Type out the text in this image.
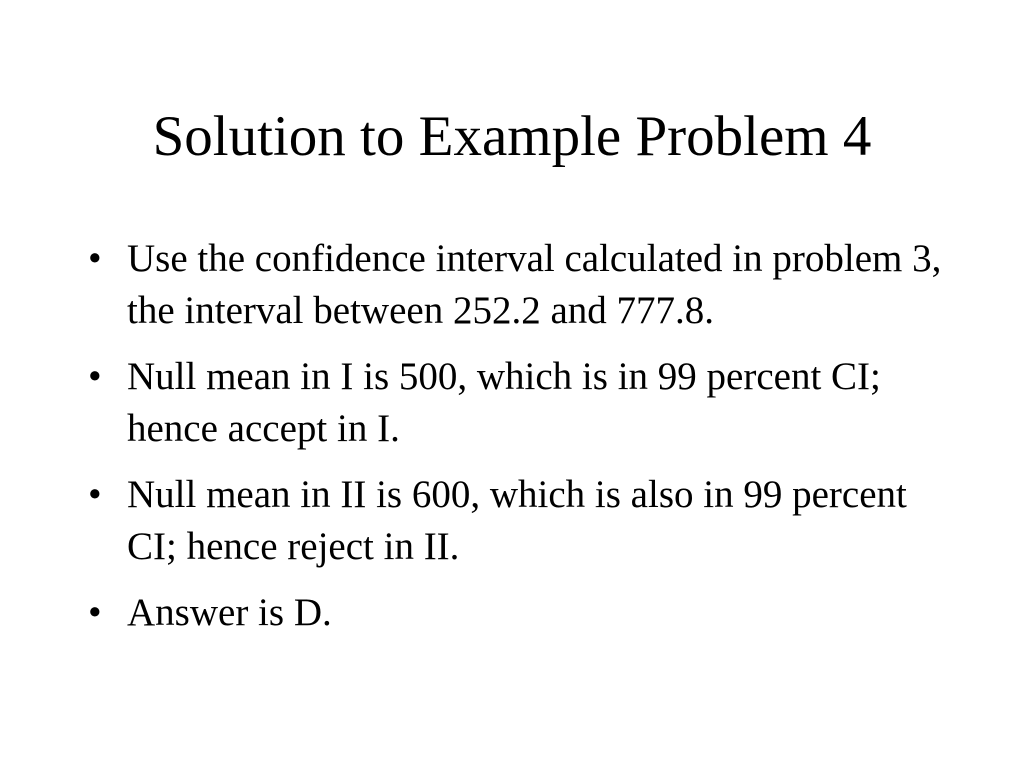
Solution to Example Problem 4
• Use the confidence interval calculated in problem 3, the interval between 252.2 and 777.8.
• Null mean in I is 500, which is in 99 percent CI; hence accept in I.
• Null mean in II is 600, which is also in 99 percent CI; hence reject in II.
• Answer is D.
